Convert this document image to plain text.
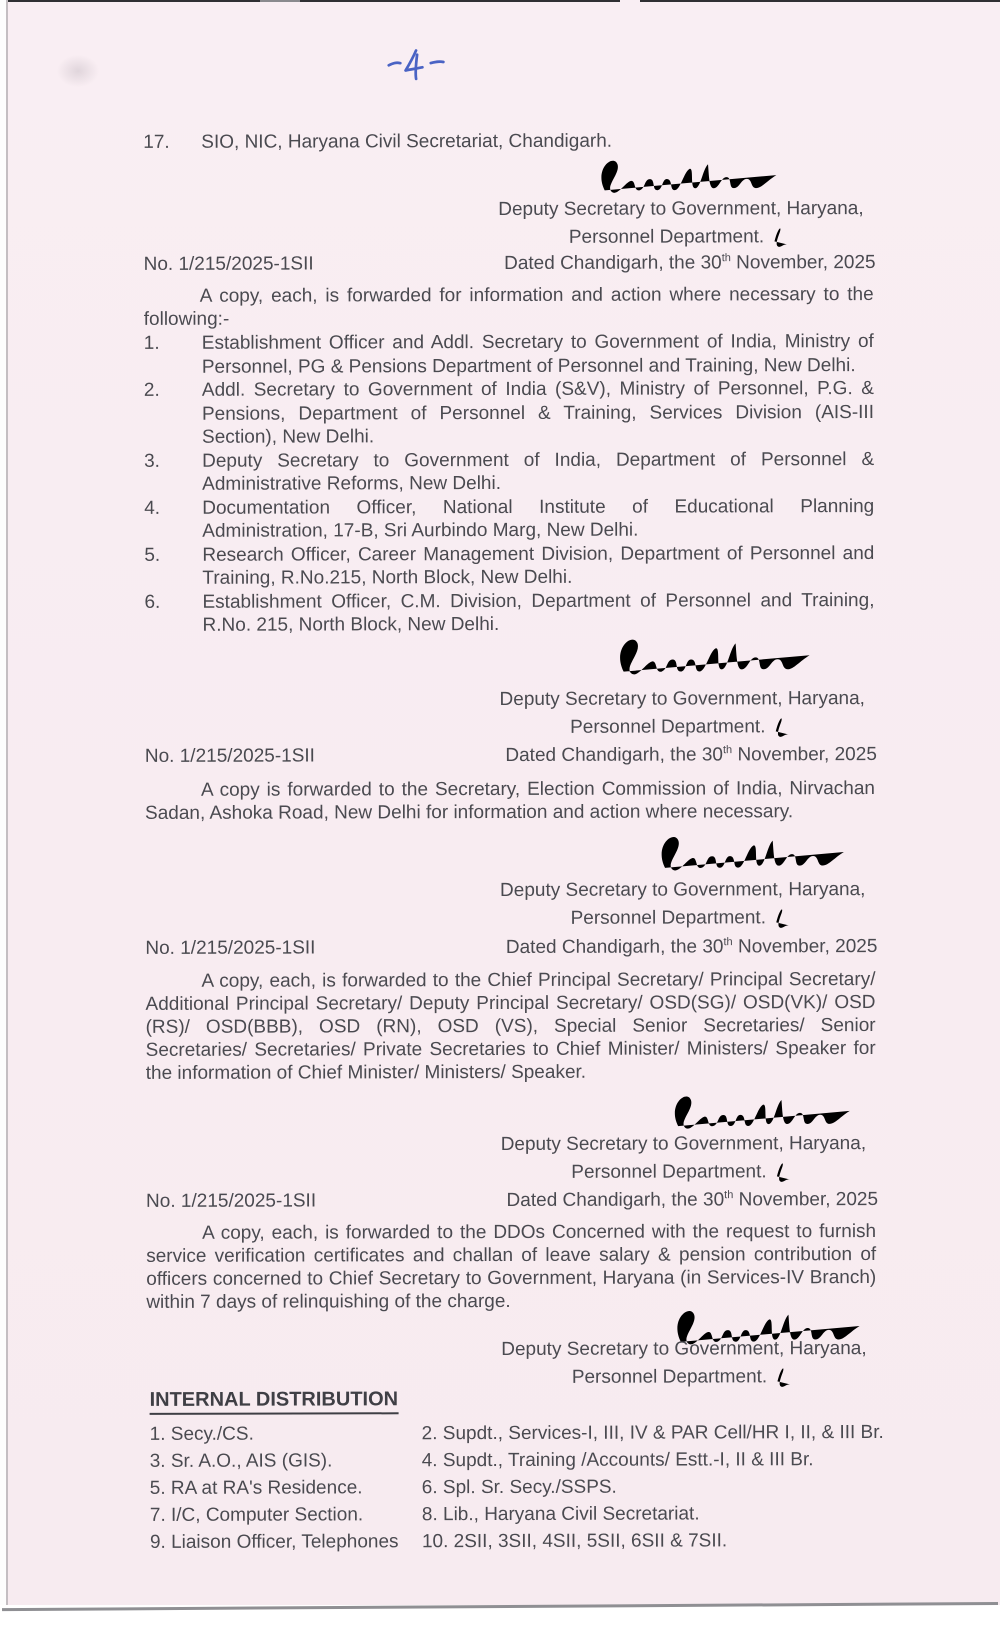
17.	SIO, NIC, Haryana Civil Secretariat, Chandigarh.
Deputy Secretary to Government, Haryana,
Personnel Department.
No. 1/215/2025-1SII	Dated Chandigarh, the 30th November, 2025
A copy, each, is forwarded for information and action where necessary to the following:-
1.	Establishment Officer and Addl. Secretary to Government of India, Ministry of Personnel, PG & Pensions Department of Personnel and Training, New Delhi.
2.	Addl. Secretary to Government of India (S&V), Ministry of Personnel, P.G. & Pensions, Department of Personnel & Training, Services Division (AIS-III Section), New Delhi.
3.	Deputy Secretary to Government of India, Department of Personnel & Administrative Reforms, New Delhi.
4.	Documentation Officer, National Institute of Educational Planning Administration, 17-B, Sri Aurbindo Marg, New Delhi.
5.	Research Officer, Career Management Division, Department of Personnel and Training, R.No.215, North Block, New Delhi.
6.	Establishment Officer, C.M. Division, Department of Personnel and Training, R.No. 215, North Block, New Delhi.
Deputy Secretary to Government, Haryana,
Personnel Department.
No. 1/215/2025-1SII	Dated Chandigarh, the 30th November, 2025
A copy is forwarded to the Secretary, Election Commission of India, Nirvachan Sadan, Ashoka Road, New Delhi for information and action where necessary.
Deputy Secretary to Government, Haryana,
Personnel Department.
No. 1/215/2025-1SII	Dated Chandigarh, the 30th November, 2025
A copy, each, is forwarded to the Chief Principal Secretary/ Principal Secretary/ Additional Principal Secretary/ Deputy Principal Secretary/ OSD(SG)/ OSD(VK)/ OSD (RS)/ OSD(BBB), OSD (RN), OSD (VS), Special Senior Secretaries/ Senior Secretaries/ Secretaries/ Private Secretaries to Chief Minister/ Ministers/ Speaker for the information of Chief Minister/ Ministers/ Speaker.
Deputy Secretary to Government, Haryana,
Personnel Department.
No. 1/215/2025-1SII	Dated Chandigarh, the 30th November, 2025
A copy, each, is forwarded to the DDOs Concerned with the request to furnish service verification certificates and challan of leave salary & pension contribution of officers concerned to Chief Secretary to Government, Haryana (in Services-IV Branch) within 7 days of relinquishing of the charge.
Deputy Secretary to Government, Haryana,
Personnel Department.
INTERNAL DISTRIBUTION
1. Secy./CS.	2. Supdt., Services-I, III, IV & PAR Cell/HR I, II, & III Br.
3. Sr. A.O., AIS (GIS).	4. Supdt., Training /Accounts/ Estt.-I, II & III Br.
5. RA at RA's Residence.	6. Spl. Sr. Secy./SSPS.
7. I/C, Computer Section.	8. Lib., Haryana Civil Secretariat.
9. Liaison Officer, Telephones	10. 2SII, 3SII, 4SII, 5SII, 6SII & 7SII.
